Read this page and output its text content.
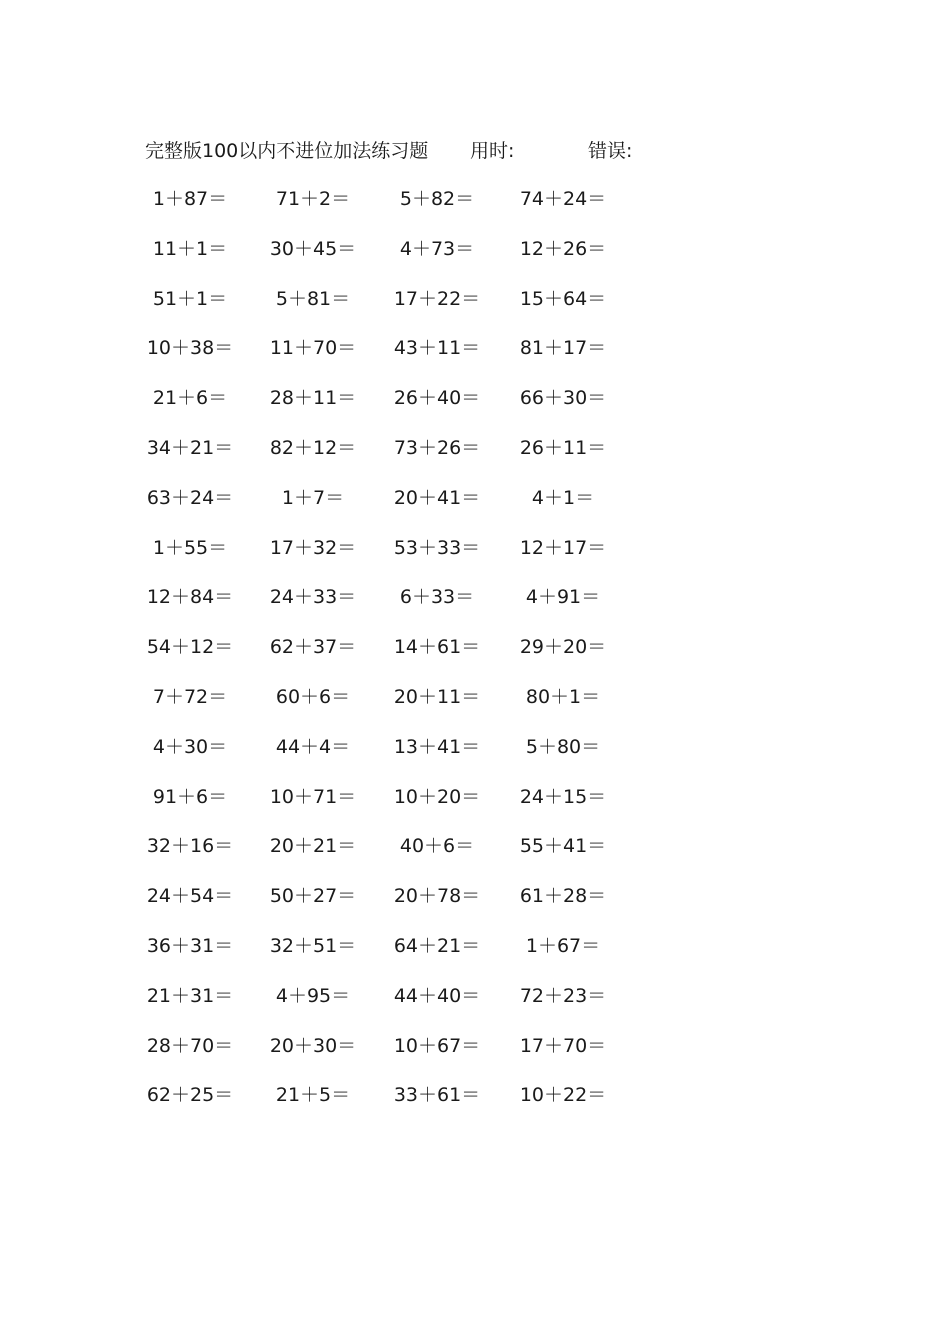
完整版100以内不进位加法练习题 用时:	错误:
1＋87＝	71＋2＝	5＋82＝	74＋24＝
11＋1＝	30＋45＝	4＋73＝	12＋26＝
51＋1＝	5＋81＝	17＋22＝	15＋64＝
10＋38＝	11＋70＝	43＋11＝	81＋17＝
21＋6＝	28＋11＝	26＋40＝	66＋30＝
34＋21＝	82＋12＝	73＋26＝	26＋11＝
63＋24＝	1＋7＝	20＋41＝	4＋1＝
1＋55＝	17＋32＝	53＋33＝	12＋17＝
12＋84＝	24＋33＝	6＋33＝	4＋91＝
54＋12＝	62＋37＝	14＋61＝	29＋20＝
7＋72＝	60＋6＝	20＋11＝	80＋1＝
4＋30＝	44＋4＝	13＋41＝	5＋80＝
91＋6＝	10＋71＝	10＋20＝	24＋15＝
32＋16＝	20＋21＝	40＋6＝	55＋41＝
24＋54＝	50＋27＝	20＋78＝	61＋28＝
36＋31＝	32＋51＝	64＋21＝	1＋67＝
21＋31＝	4＋95＝	44＋40＝	72＋23＝
28＋70＝	20＋30＝	10＋67＝	17＋70＝
62＋25＝	21＋5＝	33＋61＝	10＋22＝
